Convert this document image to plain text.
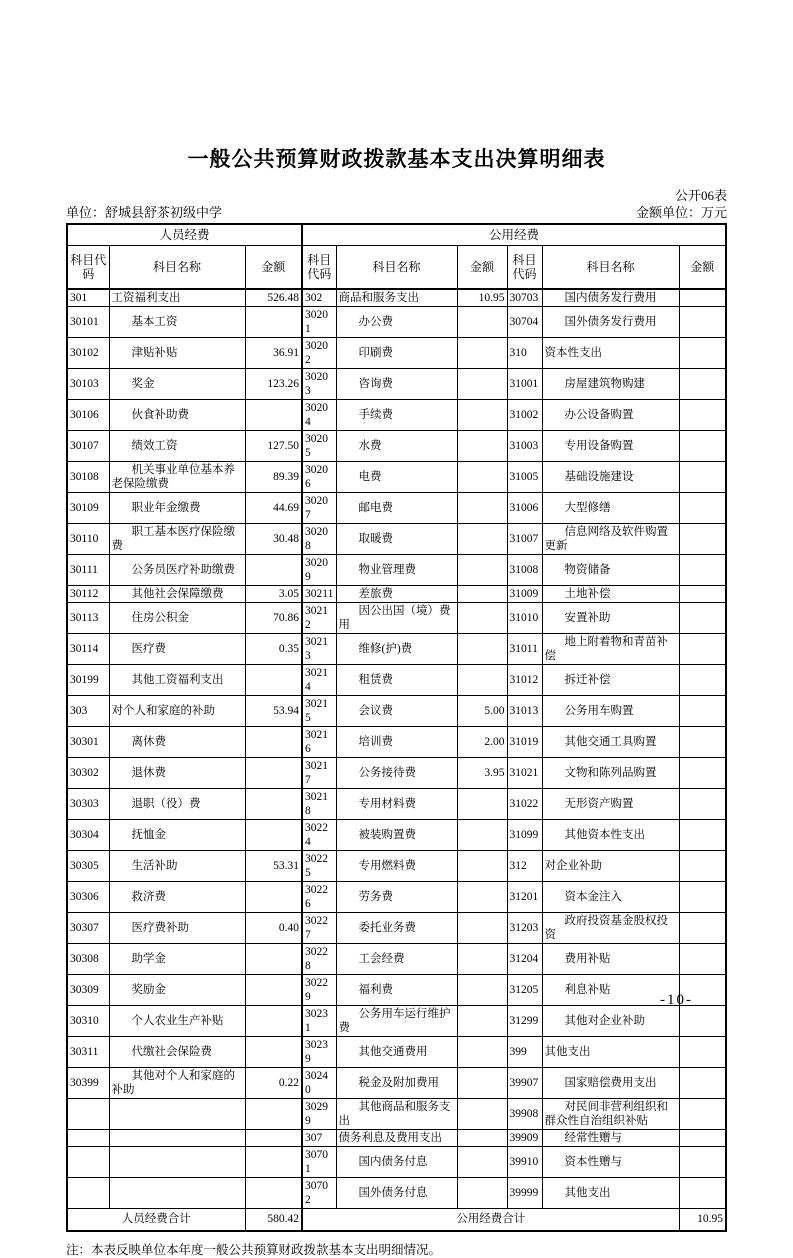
一般公共预算财政拨款基本支出决算明细表
公开06表
单位：舒城县舒茶初级中学	金额单位：万元
人员经费			公用经费					
科目代码	科目名称	金额	科目代码	科目名称	金额	科目代码	科目名称	金额
301	工资福利支出	526.48	302	商品和服务支出	10.95	30703	国内债务发行费用	
30101	基本工资		30201	办公费		30704	国外债务发行费用	
30102	津贴补贴	36.91	30202	印刷费		310	资本性支出	
30103	奖金	123.26	30203	咨询费		31001	房屋建筑物购建	
30106	伙食补助费		30204	手续费		31002	办公设备购置	
30107	绩效工资	127.50	30205	水费		31003	专用设备购置	
30108	机关事业单位基本养老保险缴费	89.39	30206	电费		31005	基础设施建设	
30109	职业年金缴费	44.69	30207	邮电费		31006	大型修缮	
30110	职工基本医疗保险缴费	30.48	30208	取暖费		31007	信息网络及软件购置更新	
30111	公务员医疗补助缴费		30209	物业管理费		31008	物资储备	
30112	其他社会保障缴费	3.05	30211	差旅费		31009	土地补偿	
30113	住房公积金	70.86	30212	因公出国（境）费用		31010	安置补助	
30114	医疗费	0.35	30213	维修(护)费		31011	地上附着物和青苗补偿	
30199	其他工资福利支出		30214	租赁费		31012	拆迁补偿	
303	对个人和家庭的补助	53.94	30215	会议费	5.00	31013	公务用车购置	
30301	离休费		30216	培训费	2.00	31019	其他交通工具购置	
30302	退休费		30217	公务接待费	3.95	31021	文物和陈列品购置	
30303	退职（役）费		30218	专用材料费		31022	无形资产购置	
30304	抚恤金		30224	被装购置费		31099	其他资本性支出	
30305	生活补助	53.31	30225	专用燃料费		312	对企业补助	
30306	救济费		30226	劳务费		31201	资本金注入	
30307	医疗费补助	0.40	30227	委托业务费		31203	政府投资基金股权投资	
30308	助学金		30228	工会经费		31204	费用补贴	
30309	奖励金		30229	福利费		31205	利息补贴	
30310	个人农业生产补贴		30231	公务用车运行维护费		31299	其他对企业补助	
30311	代缴社会保险费		30239	其他交通费用		399	其他支出	
30399	其他对个人和家庭的补助	0.22	30240	税金及附加费用		39907	国家赔偿费用支出	
			30299	其他商品和服务支出		39908	对民间非营利组织和群众性自治组织补贴	
			307	债务利息及费用支出		39909	经常性赠与	
			30701	国内债务付息		39910	资本性赠与	
			30702	国外债务付息		39999	其他支出	
人员经费合计		580.42	公用经费合计					10.95
注：本表反映单位本年度一般公共预算财政拨款基本支出明细情况。
-10-
